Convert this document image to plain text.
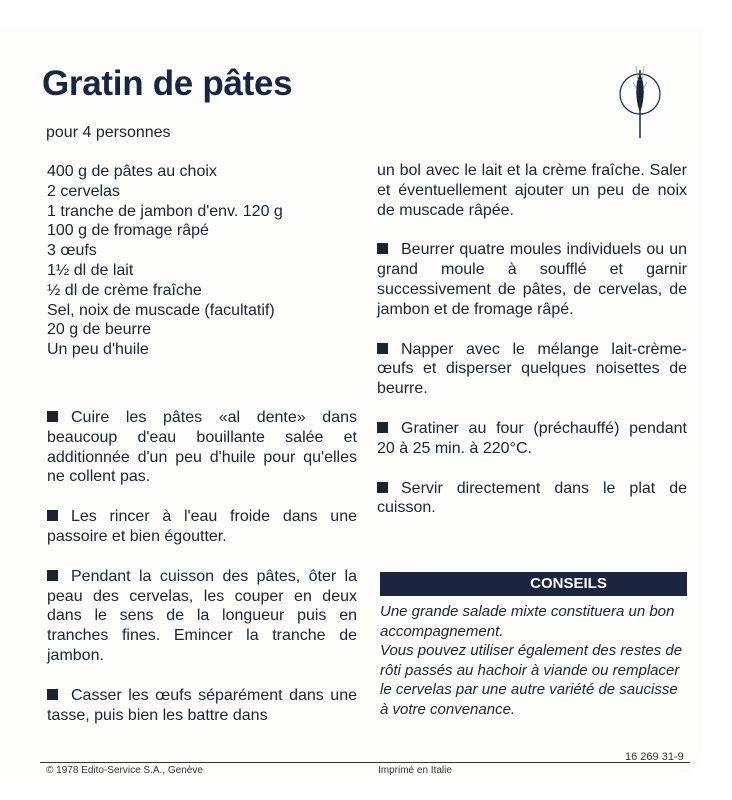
Gratin de pâtes
pour 4 personnes
400 g de pâtes au choix
2 cervelas
1 tranche de jambon d'env. 120 g
100 g de fromage râpé
3 œufs
1½ dl de lait
½ dl de crème fraîche
Sel, noix de muscade (facultatif)
20 g de beurre
Un peu d'huile

Cuire les pâtes «al dente» dans beaucoup d'eau bouillante salée et additionnée d'un peu d'huile pour qu'elles ne collent pas.

Les rincer à l'eau froide dans une passoire et bien égoutter.

Pendant la cuisson des pâtes, ôter la peau des cervelas, les couper en deux dans le sens de la longueur puis en tranches fines. Emincer la tranche de jambon.

Casser les œufs séparément dans une tasse, puis bien les battre dans

un bol avec le lait et la crème fraîche. Saler et éventuellement ajouter un peu de noix de muscade râpée.

Beurrer quatre moules individuels ou un grand moule à soufflé et garnir successivement de pâtes, de cervelas, de jambon et de fromage râpé.

Napper avec le mélange lait-crème-œufs et disperser quelques noisettes de beurre.

Gratiner au four (préchauffé) pendant 20 à 25 min. à 220°C.

Servir directement dans le plat de cuisson.

CONSEILS
Une grande salade mixte constituera un bon accompagnement.
Vous pouvez utiliser également des restes de rôti passés au hachoir à viande ou remplacer le cervelas par une autre variété de saucisse à votre convenance.
© 1978 Edito-Service S.A., Genève	Imprimé en Italie
16 269 31-9
